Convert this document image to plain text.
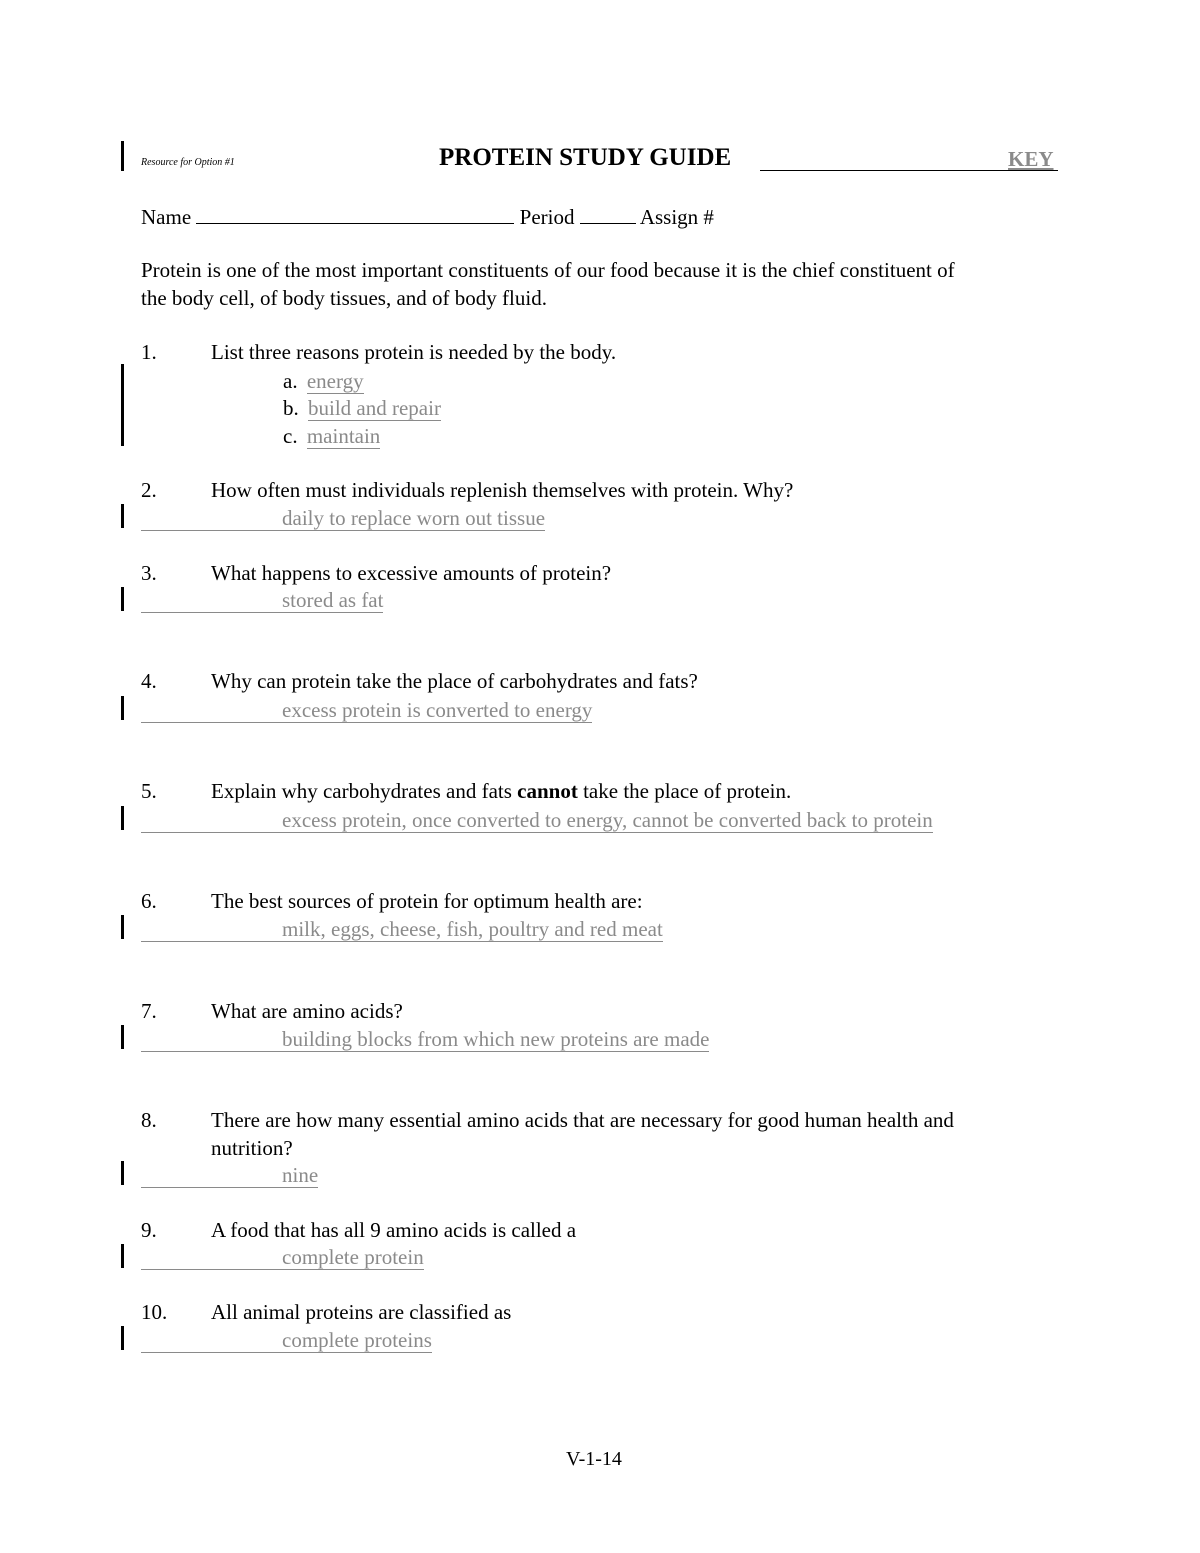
Resource for Option #1	PROTEIN STUDY GUIDE	KEY
Name	Period	Assign #
Protein is one of the most important constituents of our food because it is the chief constituent of
the body cell, of body tissues, and of body fluid.
1.	List three reasons protein is needed by the body.
a. energy
b. build and repair
c. maintain
2.	How often must individuals replenish themselves with protein. Why?
daily to replace worn out tissue
3.	What happens to excessive amounts of protein?
stored as fat
4.	Why can protein take the place of carbohydrates and fats?
excess protein is converted to energy
5.	Explain why carbohydrates and fats cannot take the place of protein.
excess protein, once converted to energy, cannot be converted back to protein
6.	The best sources of protein for optimum health are:
milk, eggs, cheese, fish, poultry and red meat
7.	What are amino acids?
building blocks from which new proteins are made
8.	There are how many essential amino acids that are necessary for good human health and
nutrition?
nine
9.	A food that has all 9 amino acids is called a
complete protein
10. All animal proteins are classified as
complete proteins
V-1-14
